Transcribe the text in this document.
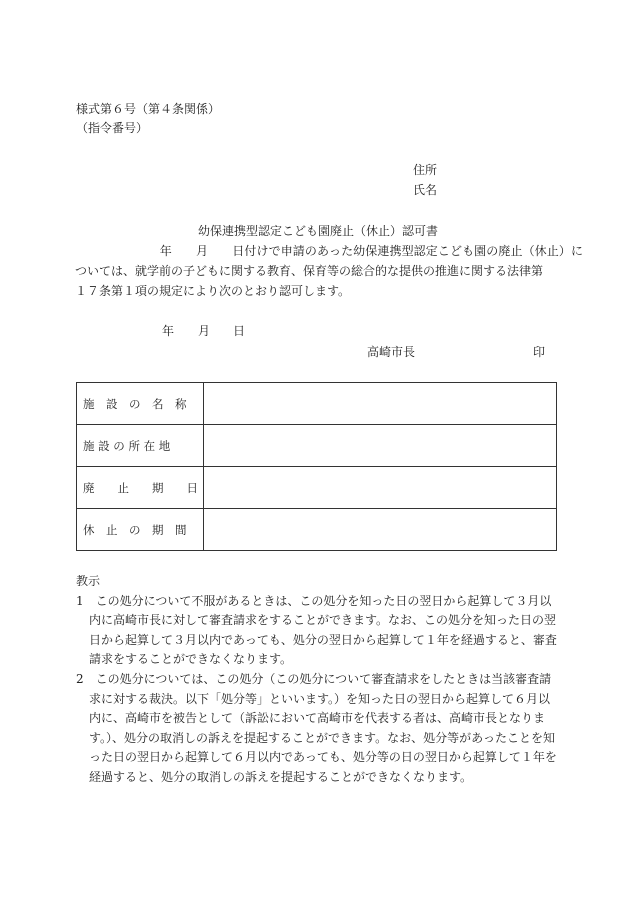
様式第６号（第４条関係）
（指令番号）
住所
氏名
幼保連携型認定こども園廃止（休止）認可書
　　　　　　　年　　月　　日付けで申請のあった幼保連携型認定こども園の廃止（休止）に
ついては、就学前の子どもに関する教育、保育等の総合的な提供の推進に関する法律第
１７条第１項の規定により次のとおり認可します。
年 月 日
高崎市長	印
施　設　の　名　称	
施 設 の 所 在 地	
廃　　止　　期　　日	
休　止　の　期　間	
教示

1　この処分について不服があるときは、この処分を知った日の翌日から起算して３月以内に高崎市長に対して審査請求をすることができます。なお、この処分を知った日の翌日から起算して３月以内であっても、処分の翌日から起算して１年を経過すると、審査請求をすることができなくなります。

2　この処分については、この処分（この処分について審査請求をしたときは当該審査請求に対する裁決。以下「処分等」といいます。）を知った日の翌日から起算して６月以内に、高崎市を被告として（訴訟において高崎市を代表する者は、高崎市長となります。）、処分の取消しの訴えを提起することができます。なお、処分等があったことを知った日の翌日から起算して６月以内であっても、処分等の日の翌日から起算して１年を経過すると、処分の取消しの訴えを提起することができなくなります。
